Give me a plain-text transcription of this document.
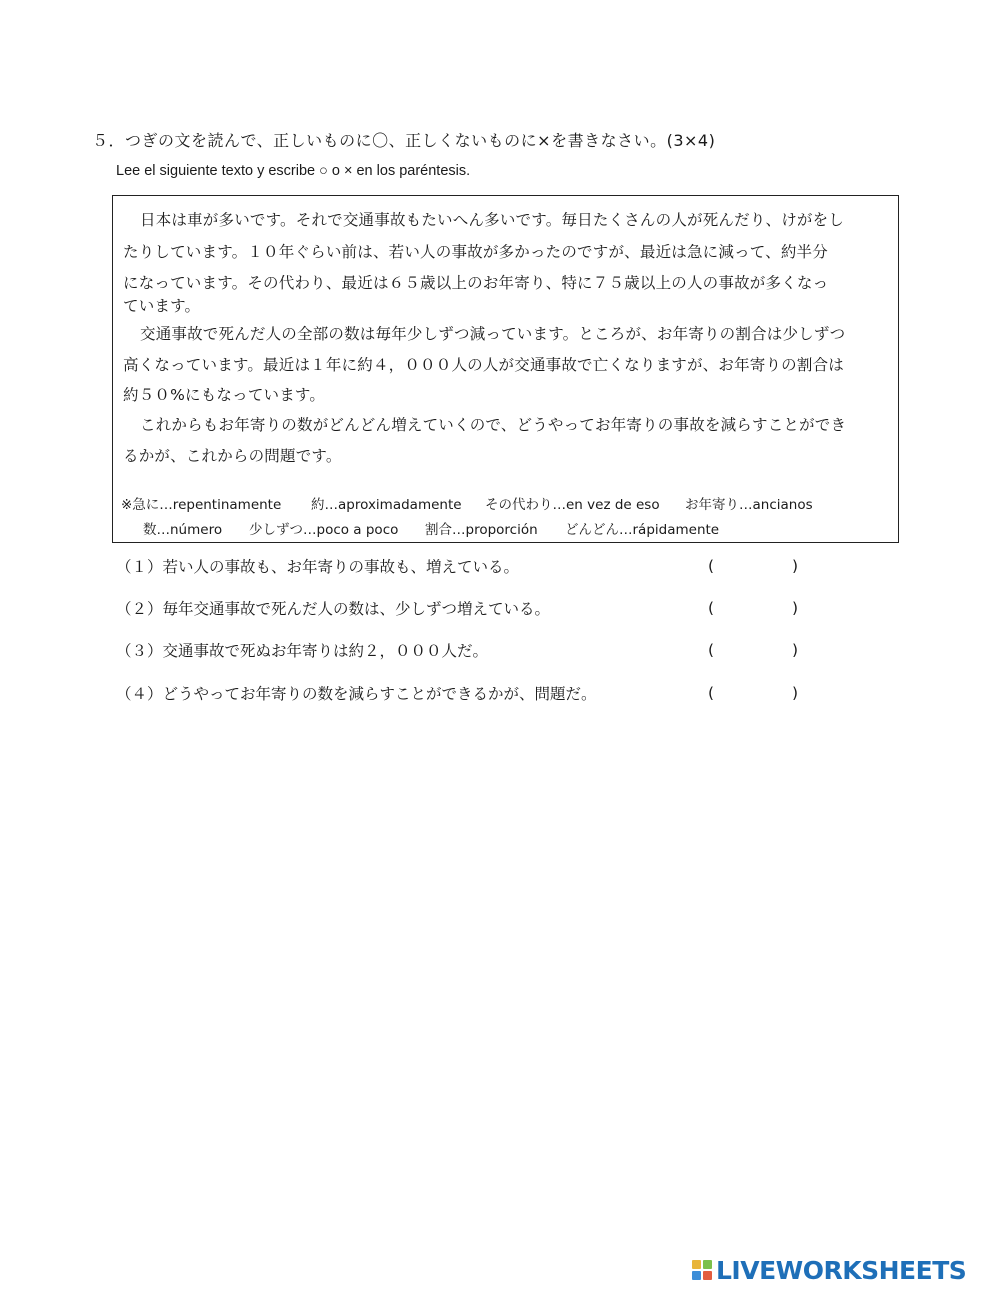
５．つぎの文を読んで、正しいものに〇、正しくないものに×を書きなさい。(3×4)
Lee el siguiente texto y escribe ○ o × en los paréntesis.
日本は車が多いです。それで交通事故もたいへん多いです。毎日たくさんの人が死んだり、けがをし
たりしています。１０年ぐらい前は、若い人の事故が多かったのですが、最近は急に減って、約半分
になっています。その代わり、最近は６５歳以上のお年寄り、特に７５歳以上の人の事故が多くなっ
ています。
交通事故で死んだ人の全部の数は毎年少しずつ減っています。ところが、お年寄りの割合は少しずつ
高くなっています。最近は１年に約４，０００人の人が交通事故で亡くなりますが、お年寄りの割合は
約５０%にもなっています。
これからもお年寄りの数がどんどん増えていくので、どうやってお年寄りの事故を減らすことができ
るかが、これからの問題です。
※急に…repentinamente 約…aproximadamente その代わり…en vez de eso お年寄り…ancianos
数…número 少しずつ…poco a poco 割合…proporción どんどん…rápidamente
（１）若い人の事故も、お年寄りの事故も、増えている。	(	)
（２）毎年交通事故で死んだ人の数は、少しずつ増えている。	(	)
（３）交通事故で死ぬお年寄りは約２，０００人だ。	(	)
（４）どうやってお年寄りの数を減らすことができるかが、問題だ。	(	)
LIVEWORKSHEETS
